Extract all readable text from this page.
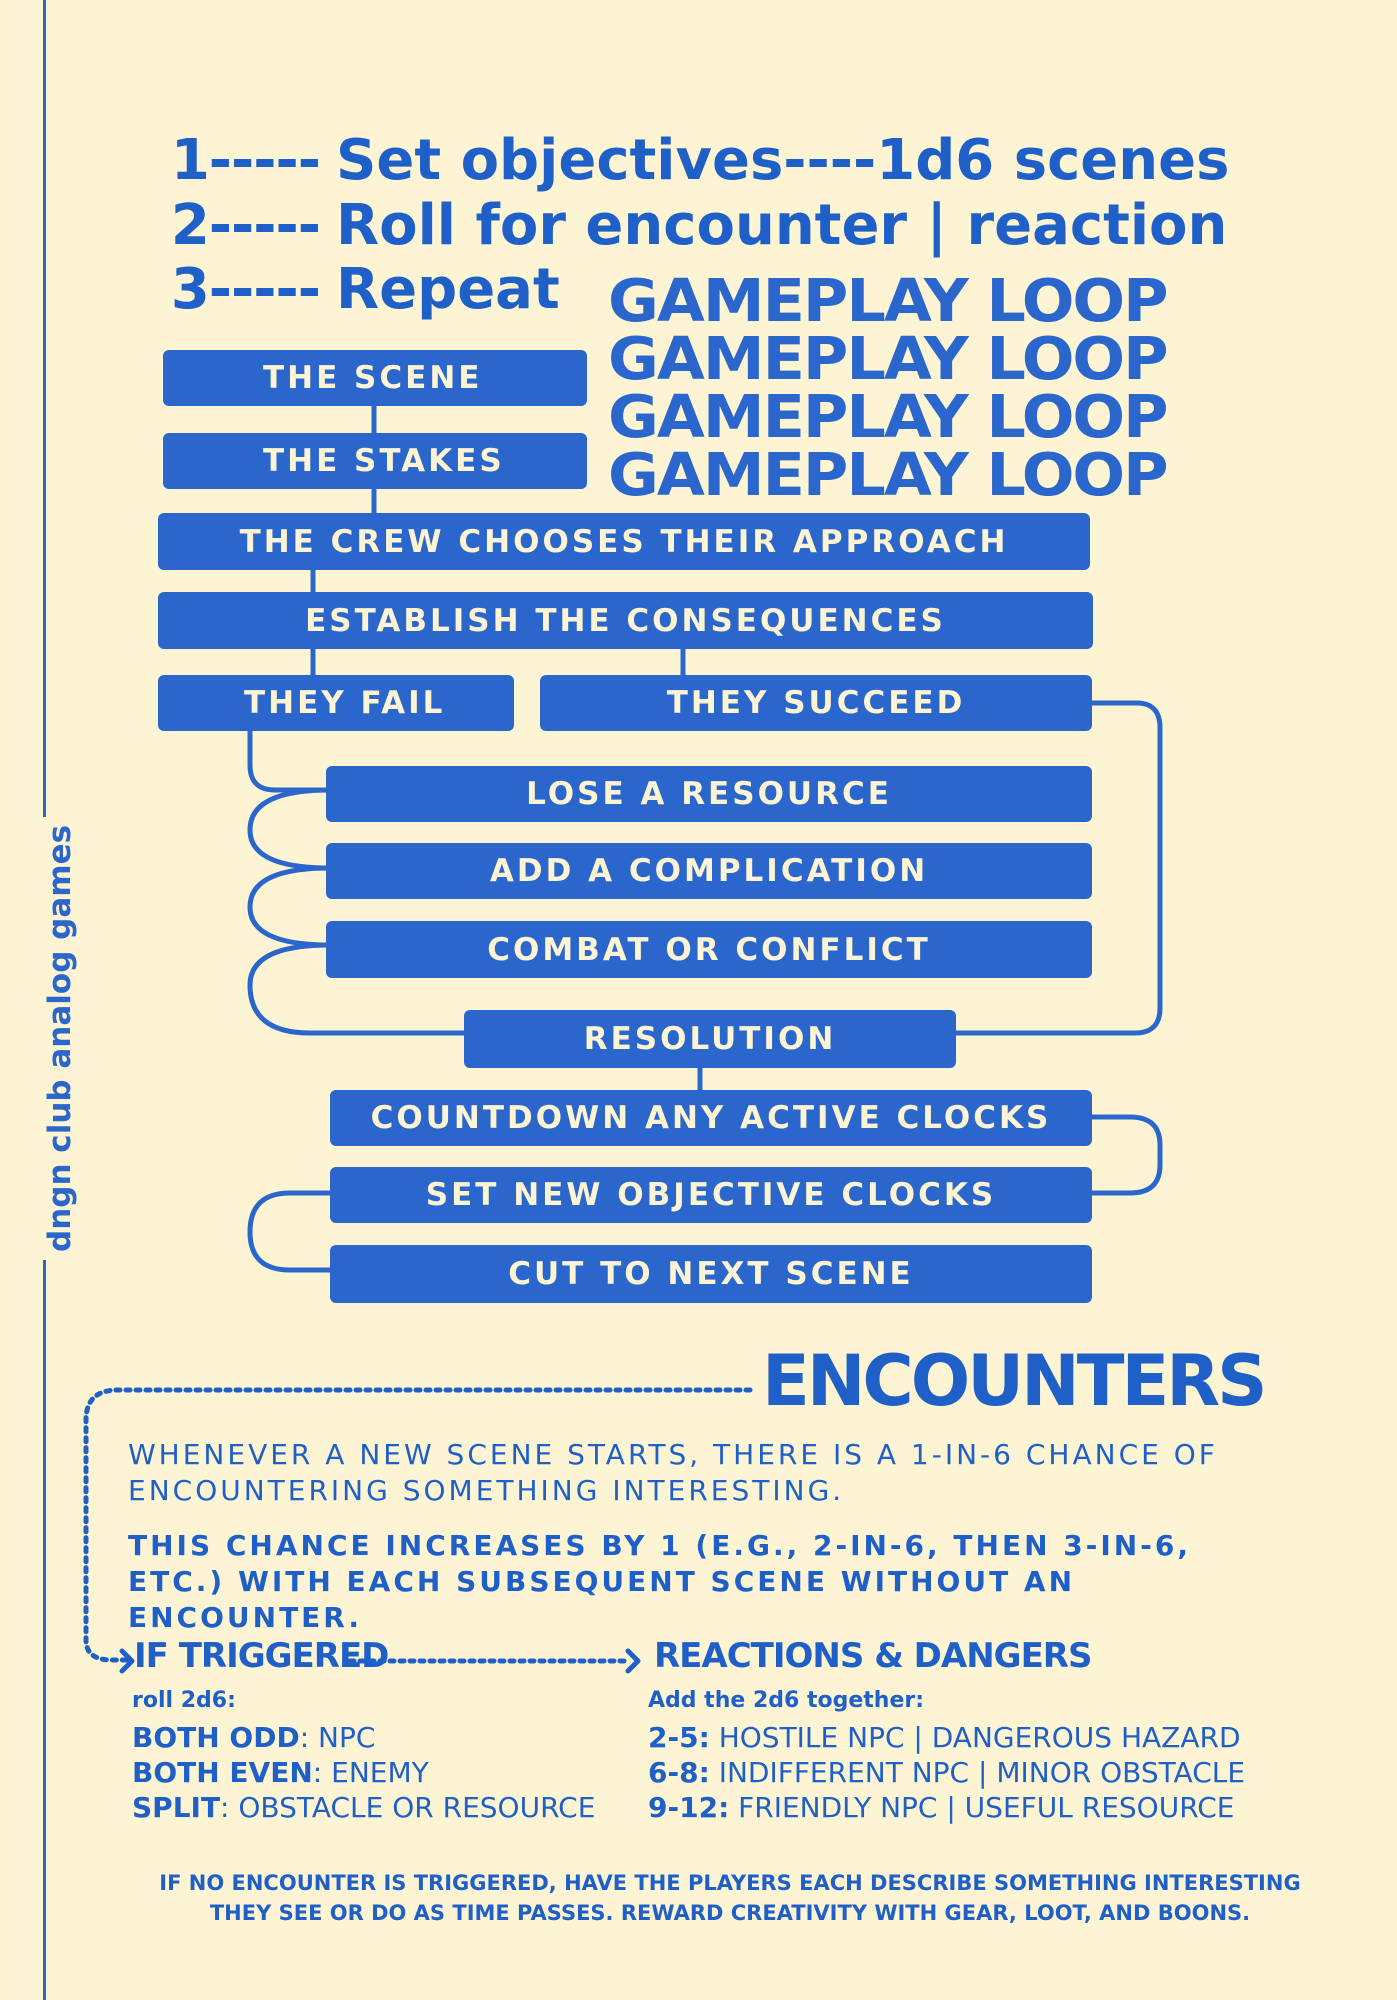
dngn club analog games
1----- Set objectives----1d6 scenes
2----- Roll for encounter | reaction
3----- Repeat GAMEPLAY LOOP
GAMEPLAY LOOP
GAMEPLAY LOOP
GAMEPLAY LOOP
THE SCENE
THE STAKES
THE CREW CHOOSES THEIR APPROACH
ESTABLISH THE CONSEQUENCES
THEY FAIL	THEY SUCCEED
LOSE A RESOURCE
ADD A COMPLICATION
COMBAT OR CONFLICT
RESOLUTION
COUNTDOWN ANY ACTIVE CLOCKS
SET NEW OBJECTIVE CLOCKS
CUT TO NEXT SCENE
ENCOUNTERS
WHENEVER A NEW SCENE STARTS, THERE IS A 1-IN-6 CHANCE OF ENCOUNTERING SOMETHING INTERESTING.
THIS CHANCE INCREASES BY 1 (E.G., 2-IN-6, THEN 3-IN-6, ETC.) WITH EACH SUBSEQUENT SCENE WITHOUT AN ENCOUNTER.
IF TRIGGERED
roll 2d6:
BOTH ODD: NPC
BOTH EVEN: ENEMY
SPLIT: OBSTACLE OR RESOURCE
REACTIONS & DANGERS
Add the 2d6 together:
2-5: HOSTILE NPC | DANGEROUS HAZARD
6-8: INDIFFERENT NPC | MINOR OBSTACLE
9-12: FRIENDLY NPC | USEFUL RESOURCE
IF NO ENCOUNTER IS TRIGGERED, HAVE THE PLAYERS EACH DESCRIBE SOMETHING INTERESTING
THEY SEE OR DO AS TIME PASSES. REWARD CREATIVITY WITH GEAR, LOOT, AND BOONS.
